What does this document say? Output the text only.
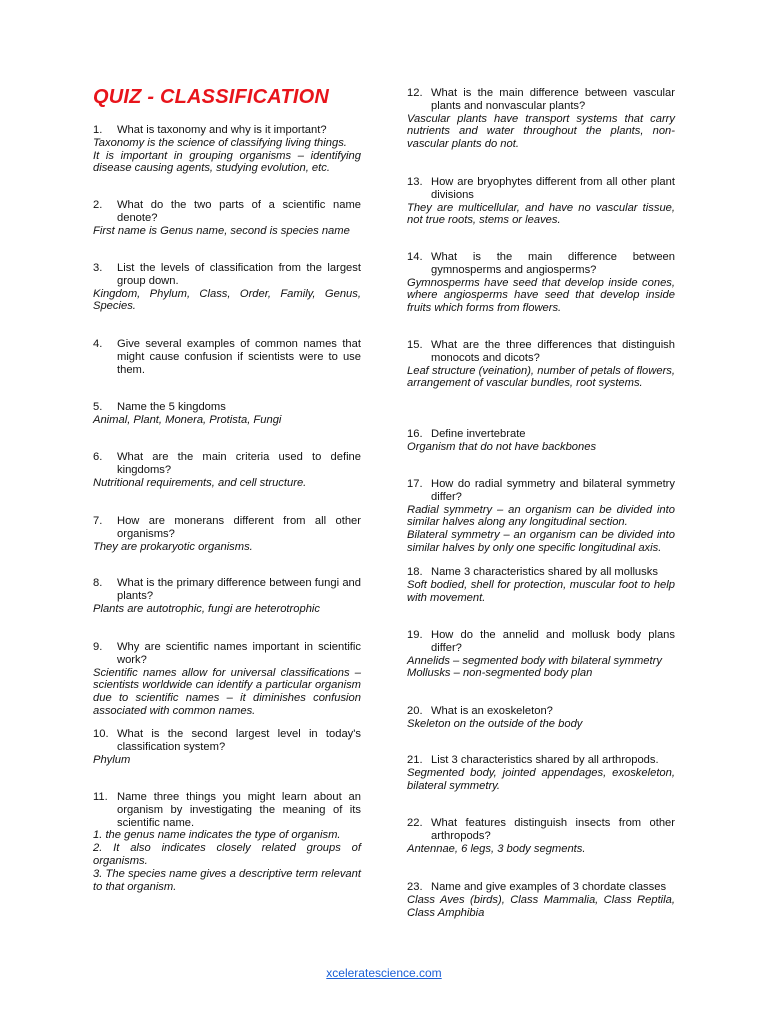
QUIZ - CLASSIFICATION
1.	What is taxonomy and why is it important?
Taxonomy is the science of classifying living things.
It is important in grouping organisms – identifying disease causing agents, studying evolution, etc.
2.	What do the two parts of a scientific name denote?
First name is Genus name, second is species name
3.	List the levels of classification from the largest group down.
Kingdom, Phylum, Class, Order, Family, Genus, Species.
4.	Give several examples of common names that might cause confusion if scientists were to use them.
5.	Name the 5 kingdoms
Animal, Plant, Monera, Protista, Fungi
6.	What are the main criteria used to define kingdoms?
Nutritional requirements, and cell structure.
7.	How are monerans different from all other organisms?
They are prokaryotic organisms.
8.	What is the primary difference between fungi and plants?
Plants are autotrophic, fungi are heterotrophic
9.	Why are scientific names important in scientific work?
Scientific names allow for universal classifications – scientists worldwide can identify a particular organism due to scientific names – it diminishes confusion associated with common names.
10. What is the second largest level in today's classification system?
Phylum
11. Name three things you might learn about an organism by investigating the meaning of its scientific name.
1. the genus name indicates the type of organism.
2. It also indicates closely related groups of organisms.
3. The species name gives a descriptive term relevant to that organism.
12. What is the main difference between vascular plants and nonvascular plants?
Vascular plants have transport systems that carry nutrients and water throughout the plants, non-vascular plants do not.
13. How are bryophytes different from all other plant divisions
They are multicellular, and have no vascular tissue, not true roots, stems or leaves.
14. What is the main difference between gymnosperms and angiosperms?
Gymnosperms have seed that develop inside cones, where angiosperms have seed that develop inside fruits which forms from flowers.
15. What are the three differences that distinguish monocots and dicots?
Leaf structure (veination), number of petals of flowers, arrangement of vascular bundles, root systems.
16. Define invertebrate
Organism that do not have backbones
17. How do radial symmetry and bilateral symmetry differ?
Radial symmetry – an organism can be divided into similar halves along any longitudinal section.
Bilateral symmetry – an organism can be divided into similar halves by only one specific longitudinal axis.
18. Name 3 characteristics shared by all mollusks
Soft bodied, shell for protection, muscular foot to help with movement.
19. How do the annelid and mollusk body plans differ?
Annelids – segmented body with bilateral symmetry
Mollusks – non-segmented body plan
20. What is an exoskeleton?
Skeleton on the outside of the body
21. List 3 characteristics shared by all arthropods.
Segmented body, jointed appendages, exoskeleton, bilateral symmetry.
22. What features distinguish insects from other arthropods?
Antennae, 6 legs, 3 body segments.
23. Name and give examples of 3 chordate classes
Class Aves (birds), Class Mammalia, Class Reptila, Class Amphibia
xceleratescience.com
